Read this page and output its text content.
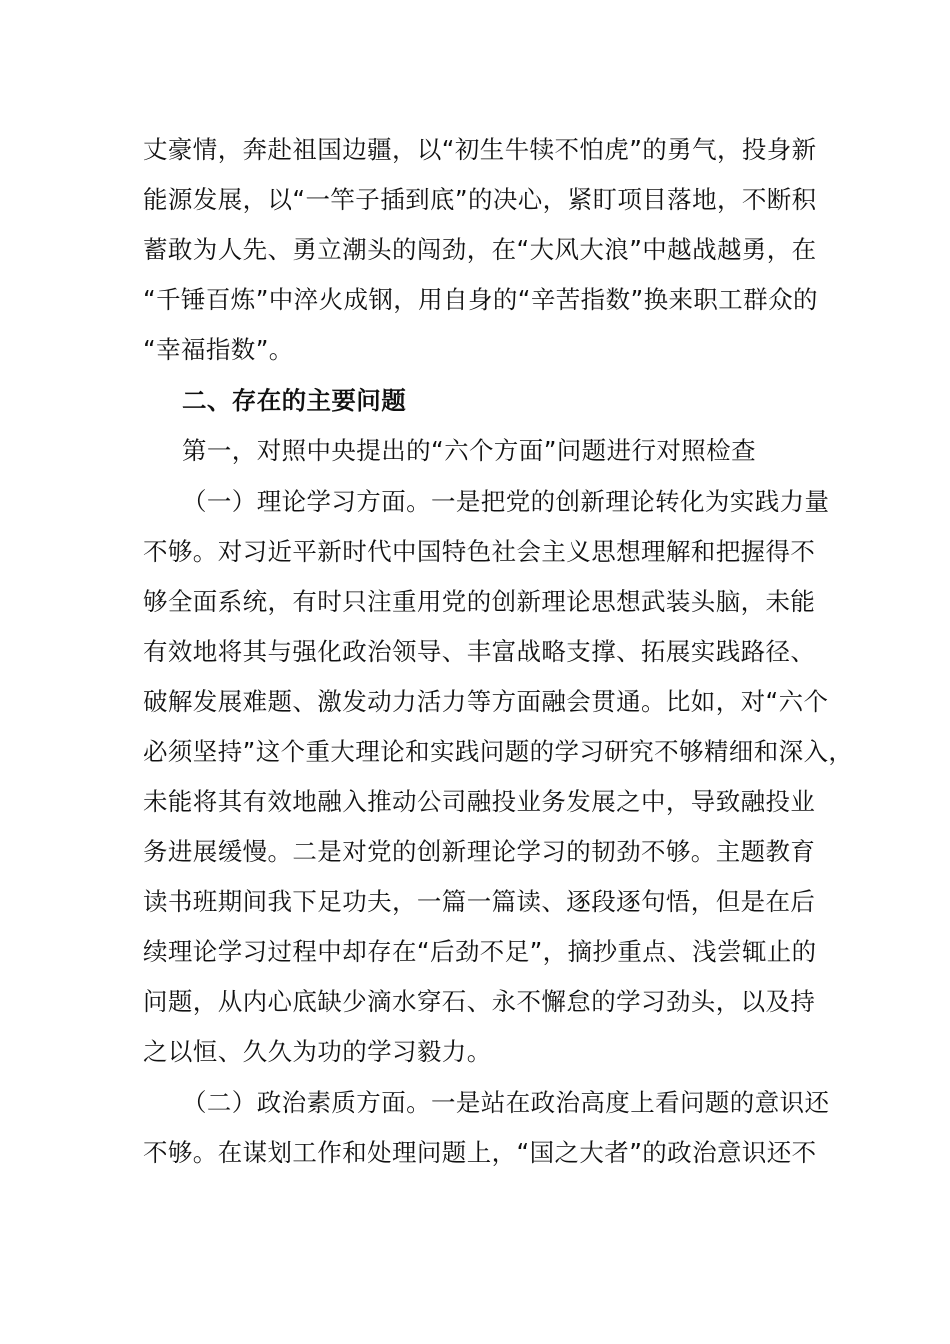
丈豪情，奔赴祖国边疆，以“初生牛犊不怕虎”的勇气，投身新
能源发展，以“一竿子插到底”的决心，紧盯项目落地，不断积
蓄敢为人先、勇立潮头的闯劲，在“大风大浪”中越战越勇，在
“千锤百炼”中淬火成钢，用自身的“辛苦指数”换来职工群众的
“幸福指数”。
二、存在的主要问题
第一，对照中央提出的“六个方面”问题进行对照检查
（一）理论学习方面。一是把党的创新理论转化为实践力量
不够。对习近平新时代中国特色社会主义思想理解和把握得不
够全面系统，有时只注重用党的创新理论思想武装头脑，未能
有效地将其与强化政治领导、丰富战略支撑、拓展实践路径、
破解发展难题、激发动力活力等方面融会贯通。比如，对“六个
必须坚持”这个重大理论和实践问题的学习研究不够精细和深入，
未能将其有效地融入推动公司融投业务发展之中，导致融投业
务进展缓慢。二是对党的创新理论学习的韧劲不够。主题教育
读书班期间我下足功夫，一篇一篇读、逐段逐句悟，但是在后
续理论学习过程中却存在“后劲不足”，摘抄重点、浅尝辄止的
问题，从内心底缺少滴水穿石、永不懈怠的学习劲头，以及持
之以恒、久久为功的学习毅力。
（二）政治素质方面。一是站在政治高度上看问题的意识还
不够。在谋划工作和处理问题上，“国之大者”的政治意识还不
